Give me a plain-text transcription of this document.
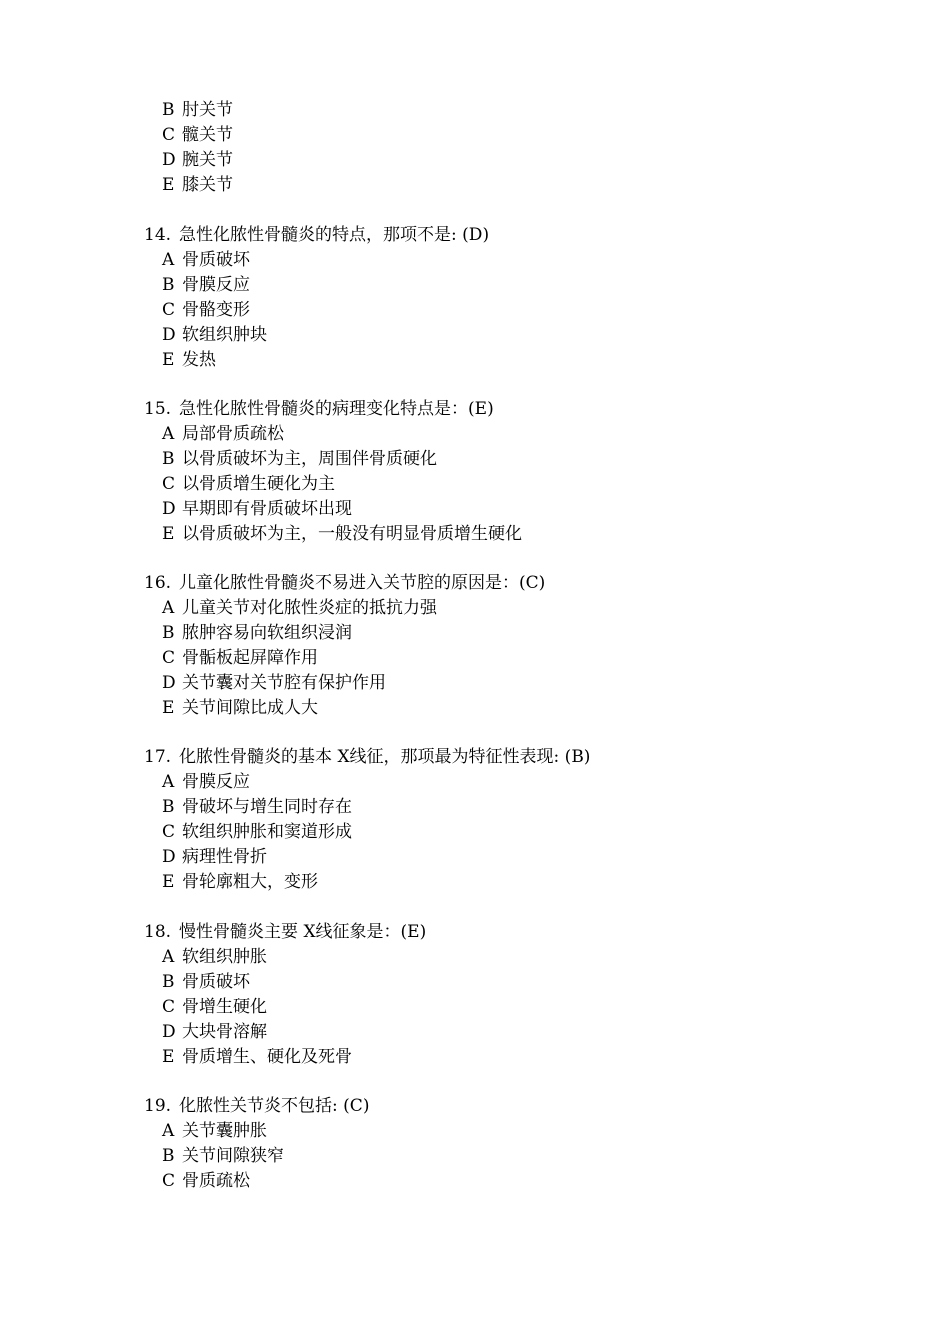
B 肘关节
C 髋关节
D 腕关节
E 膝关节
14. 急性化脓性骨髓炎的特点，那项不是: (D)
A 骨质破坏
B 骨膜反应
C 骨骼变形
D 软组织肿块
E 发热
15. 急性化脓性骨髓炎的病理变化特点是：(E)
A 局部骨质疏松
B 以骨质破坏为主，周围伴骨质硬化
C 以骨质增生硬化为主
D 早期即有骨质破坏出现
E 以骨质破坏为主，一般没有明显骨质增生硬化
16. 儿童化脓性骨髓炎不易进入关节腔的原因是：(C)
A 儿童关节对化脓性炎症的抵抗力强
B 脓肿容易向软组织浸润
C 骨骺板起屏障作用
D 关节囊对关节腔有保护作用
E 关节间隙比成人大
17. 化脓性骨髓炎的基本 X线征，那项最为特征性表现: (B)
A 骨膜反应
B 骨破坏与增生同时存在
C 软组织肿胀和窦道形成
D 病理性骨折
E 骨轮廓粗大，变形
18. 慢性骨髓炎主要 X线征象是：(E)
A 软组织肿胀
B 骨质破坏
C 骨增生硬化
D 大块骨溶解
E 骨质增生、硬化及死骨
19. 化脓性关节炎不包括: (C)
A 关节囊肿胀
B 关节间隙狭窄
C 骨质疏松
